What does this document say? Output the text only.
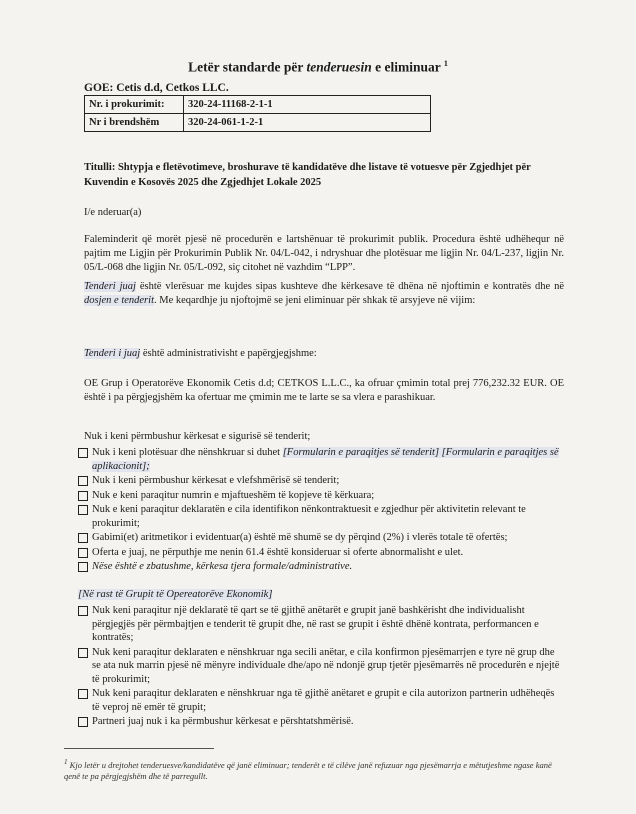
Letër standarde për tenderuesin e eliminuar $^1$
GOE: Cetis d.d, Cetkos LLC.
Nr. i prokurimit:	320-24-11168-2-1-1
Nr i brendshëm	320-24-061-1-2-1
Titulli: Shtypja e fletëvotimeve, broshurave të kandidatëve dhe listave të votuesve për Zgjedhjet për Kuvendin e Kosovës 2025 dhe Zgjedhjet Lokale 2025
I/e nderuar(a)
Faleminderit që morët pjesë në procedurën e lartshënuar të prokurimit publik. Procedura është udhëhequr në pajtim me Ligjin për Prokurimin Publik Nr. 04/L-042, i ndryshuar dhe plotësuar me ligjin Nr. 04/L-237, ligjin Nr. 05/L-068 dhe ligjin Nr. 05/L-092, siç citohet në vazhdim “LPP”.
Tenderi juaj është vlerësuar me kujdes sipas kushteve dhe kërkesave të dhëna në njoftimin e kontratës dhe në dosjen e tenderit. Me keqardhje ju njoftojmë se jeni eliminuar për shkak të arsyjeve në vijim:
Tenderi i juaj është administrativisht e papërgjegjshme:
OE Grup i Operatorëve Ekonomik Cetis d.d; CETKOS L.L.C., ka ofruar çmimin total prej 776,232.32 EUR. OE është i pa përgjegjshëm ka ofertuar me çmimin me te larte se sa vlera e parashikuar.
Nuk i keni përmbushur kërkesat e sigurisë së tenderit;
Nuk i keni plotësuar dhe nënshkruar si duhet [Formularin e paraqitjes së tenderit] [Formularin e paraqitjes së aplikacionit];
Nuk i keni përmbushur kërkesat e vlefshmërisë së tenderit;
Nuk e keni paraqitur numrin e mjaftueshëm të kopjeve të kërkuara;
Nuk e keni paraqitur deklaratën e cila identifikon nënkontraktuesit e zgjedhur për aktivitetin relevant te prokurimit;
Gabimi(et) aritmetikor i evidentuar(a) është më shumë se dy përqind (2%) i vlerës totale të ofertës;
Oferta e juaj, ne përputhje me nenin 61.4 është konsideruar si oferte abnormalisht e ulet.
Nëse është e zbatushme, kërkesa tjera formale/administrative.
[Në rast të Grupit të Opereatorëve Ekonomik]
Nuk keni paraqitur një deklaratë të qart se të gjithë anëtarët e grupit janë bashkërisht dhe individualisht përgjegjës për përmbajtjen e tenderit të grupit dhe, në rast se grupit i është dhënë kontrata, performancen e kontratës;
Nuk keni paraqitur deklaraten e nënshkruar nga secili anëtar, e cila konfirmon pjesëmarrjen e tyre në grup dhe se ata nuk marrin pjesë në mënyre individuale dhe/apo në ndonjë grup tjetër pjesëmarrës në procedurën e njejtë të prokurimit;
Nuk keni paraqitur deklaraten e nënshkruar nga të gjithë anëtaret e grupit e cila autorizon partnerin udhëheqës të veproj në emër të grupit;
Partneri juaj nuk i ka përmbushur kërkesat e përshtatshmërisë.
$^1$ Kjo letër u drejtohet tenderuesve/kandidatëve që janë eliminuar; tenderët e të cilëve janë refuzuar nga pjesëmarrja e mëtutjeshme ngase kanë qenë te pa përgjegjshëm dhe të parregullt.
